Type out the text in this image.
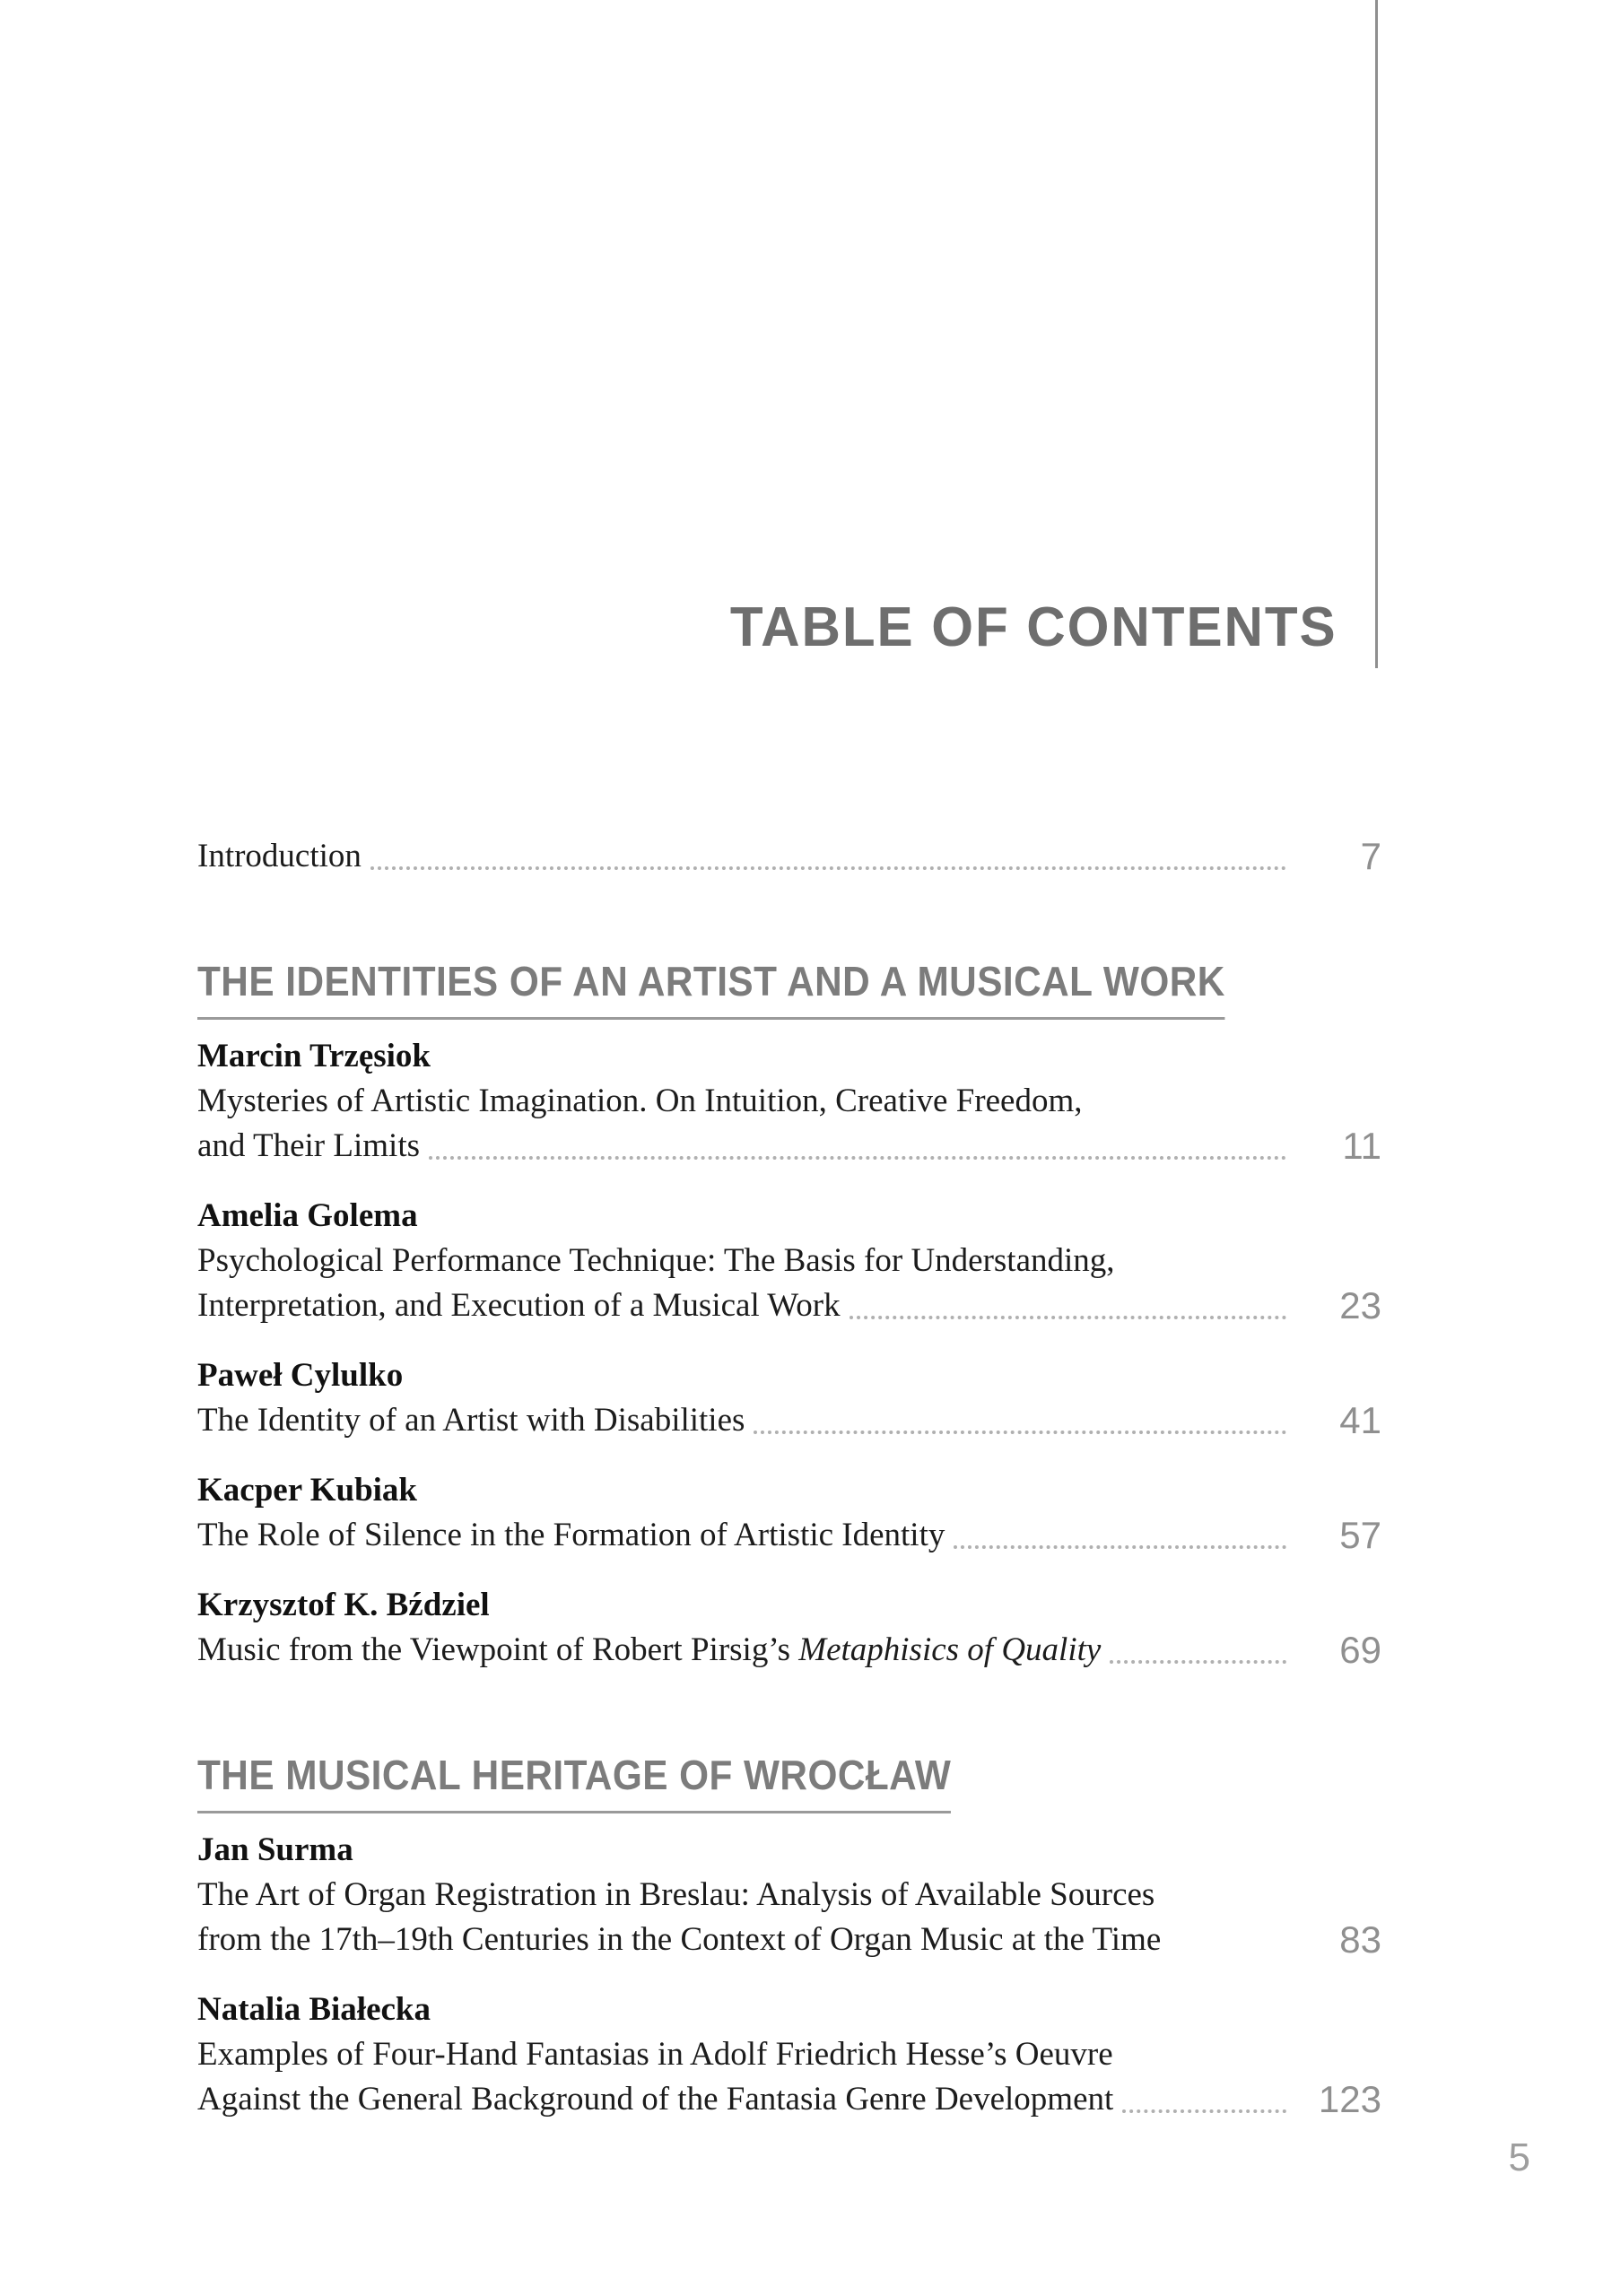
TABLE OF CONTENTS
Introduction	7
THE IDENTITIES OF AN ARTIST AND A MUSICAL WORK
Marcin Trzęsiok
Mysteries of Artistic Imagination. On Intuition, Creative Freedom,
and Their Limits	11
Amelia Golema
Psychological Performance Technique: The Basis for Understanding,
Interpretation, and Execution of a Musical Work	23
Paweł Cylulko
The Identity of an Artist with Disabilities	41
Kacper Kubiak
The Role of Silence in the Formation of Artistic Identity	57
Krzysztof K. Bździel
Music from the Viewpoint of Robert Pirsig’s Metaphisics of Quality	69
THE MUSICAL HERITAGE OF WROCŁAW
Jan Surma
The Art of Organ Registration in Breslau: Analysis of Available Sources
from the 17th–19th Centuries in the Context of Organ Music at the Time	83
Natalia Białecka
Examples of Four-Hand Fantasias in Adolf Friedrich Hesse’s Oeuvre
Against the General Background of the Fantasia Genre Development	123
5
